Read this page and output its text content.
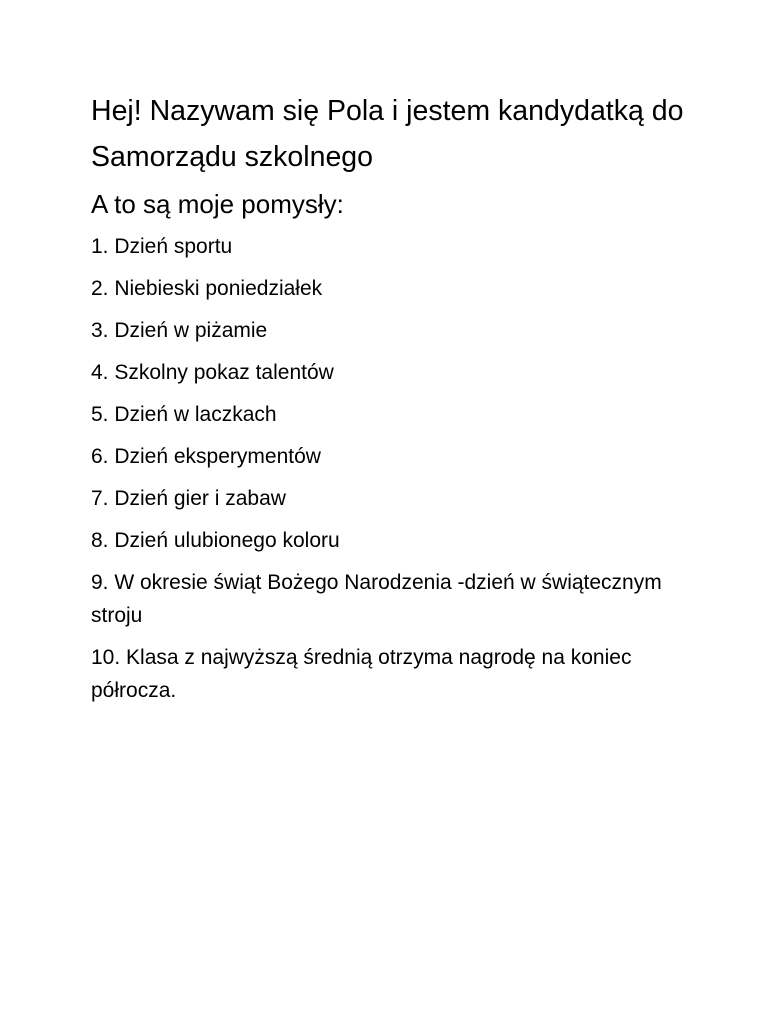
Hej! Nazywam się Pola i jestem kandydatką do Samorządu szkolnego
A to są moje pomysły:
1. Dzień sportu
2. Niebieski poniedziałek
3. Dzień w piżamie
4. Szkolny pokaz talentów
5. Dzień w laczkach
6. Dzień eksperymentów
7. Dzień gier i zabaw
8. Dzień ulubionego koloru
9. W okresie świąt Bożego Narodzenia -dzień w świątecznym stroju
10. Klasa z najwyższą średnią otrzyma nagrodę na koniec półrocza.
